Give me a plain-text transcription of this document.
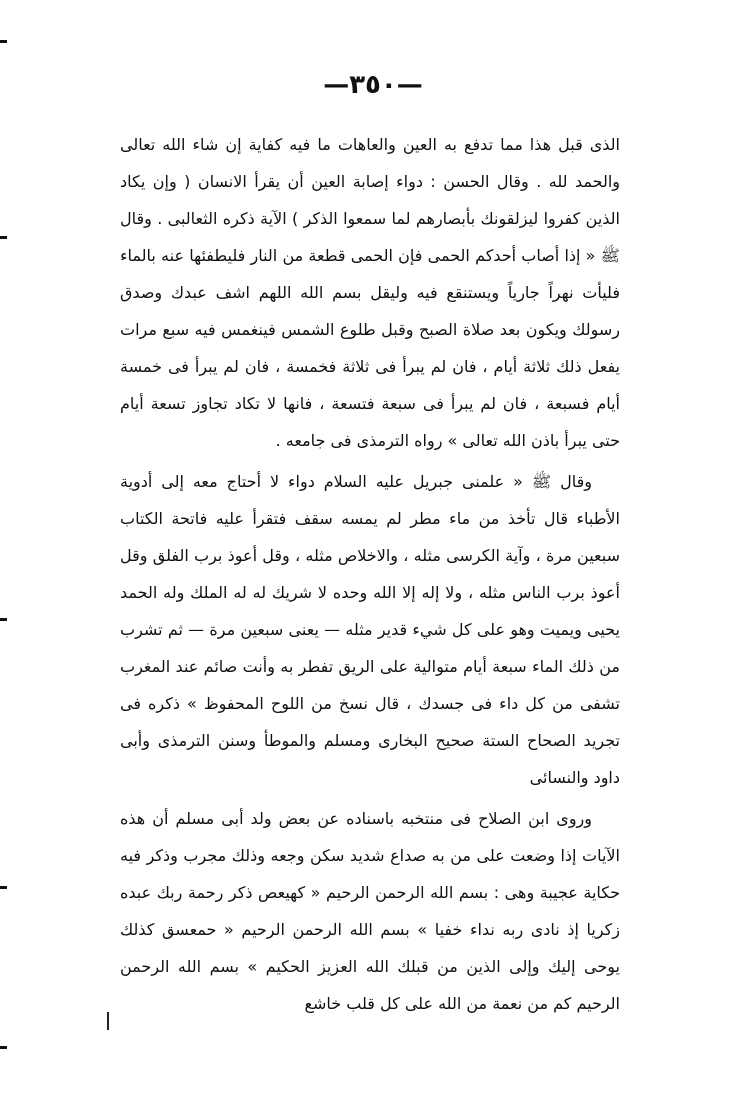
—٣٥٠—

الذى قبل هذا مما تدفع به العين والعاهات ما فيه كفاية إن شاء الله تعالى والحمد لله . وقال الحسن : دواء إصابة العين أن يقرأ الانسان ( وإن يكاد الذين كفروا ليزلقونك بأبصارهم لما سمعوا الذكر ) الآية ذكره الثعالبى . وقال ﷺ « إذا أصاب أحدكم الحمى فإن الحمى قطعة من النار فليطفئها عنه بالماء فليأت نهراً جارياً ويستنقع فيه وليقل بسم الله اللهم اشف عبدك وصدق رسولك ويكون بعد صلاة الصبح وقبل طلوع الشمس فينغمس فيه سبع مرات يفعل ذلك ثلاثة أيام ، فان لم يبرأ فى ثلاثة فخمسة ، فان لم يبرأ فى خمسة أيام فسبعة ، فان لم يبرأ فى سبعة فتسعة ، فانها لا تكاد تجاوز تسعة أيام حتى يبرأ باذن الله تعالى » رواه الترمذى فى جامعه .

وقال ﷺ « علمنى جبريل عليه السلام دواء لا أحتاج معه إلى أدوية الأطباء قال تأخذ من ماء مطر لم يمسه سقف فتقرأ عليه فاتحة الكتاب سبعين مرة ، وآية الكرسى مثله ، والاخلاص مثله ، وقل أعوذ برب الفلق وقل أعوذ برب الناس مثله ، ولا إله إلا الله وحده لا شريك له له الملك وله الحمد يحيى ويميت وهو على كل شيء قدير مثله — يعنى سبعين مرة — ثم تشرب من ذلك الماء سبعة أيام متوالية على الريق تفطر به وأنت صائم عند المغرب تشفى من كل داء فى جسدك ، قال نسخ من اللوح المحفوظ » ذكره فى تجريد الصحاح الستة صحيح البخارى ومسلم والموطأ وسنن الترمذى وأبى داود والنسائى

وروى ابن الصلاح فى منتخبه باسناده عن بعض ولد أبى مسلم أن هذه الآيات إذا وضعت على من به صداع شديد سكن وجعه وذلك مجرب وذكر فيه حكاية عجيبة وهى : بسم الله الرحمن الرحيم « كهيعص ذكر رحمة ربك عبده زكريا إذ نادى ربه نداء خفيا » بسم الله الرحمن الرحيم « حمعسق كذلك يوحى إليك وإلى الذين من قبلك الله العزيز الحكيم » بسم الله الرحمن الرحيم كم من نعمة من الله على كل قلب خاشع
